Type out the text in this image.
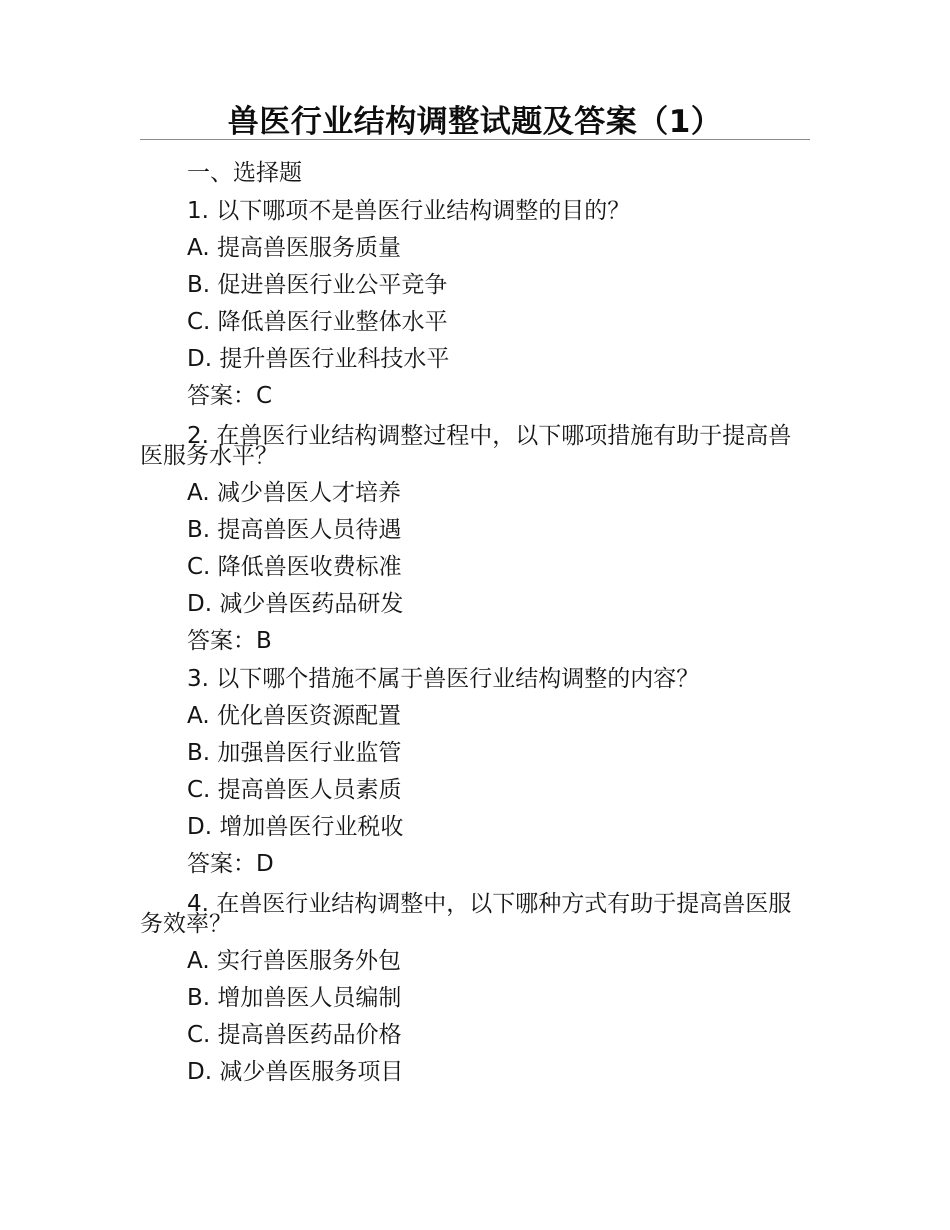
兽医行业结构调整试题及答案（1）
一、选择题
1. 以下哪项不是兽医行业结构调整的目的？
A. 提高兽医服务质量
B. 促进兽医行业公平竞争
C. 降低兽医行业整体水平
D. 提升兽医行业科技水平
答案：C
2. 在兽医行业结构调整过程中，以下哪项措施有助于提高兽医服务水平？
A. 减少兽医人才培养
B. 提高兽医人员待遇
C. 降低兽医收费标准
D. 减少兽医药品研发
答案：B
3. 以下哪个措施不属于兽医行业结构调整的内容？
A. 优化兽医资源配置
B. 加强兽医行业监管
C. 提高兽医人员素质
D. 增加兽医行业税收
答案：D
4. 在兽医行业结构调整中，以下哪种方式有助于提高兽医服务效率？
A. 实行兽医服务外包
B. 增加兽医人员编制
C. 提高兽医药品价格
D. 减少兽医服务项目
